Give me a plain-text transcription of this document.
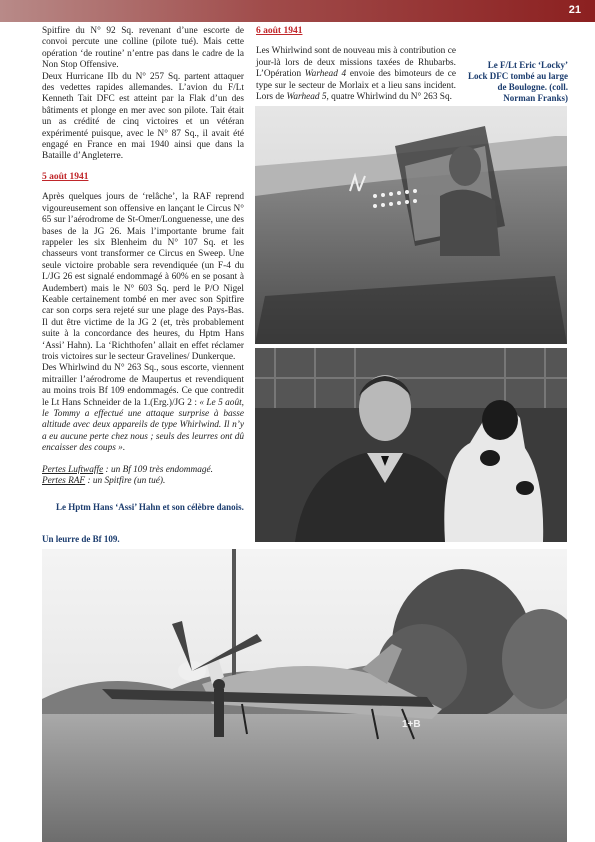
21

Spitfire du N° 92 Sq. revenant d’une escorte de convoi percute une colline (pilote tué). Mais cette opération ‘de routine’ n’entre pas dans le cadre de la Non Stop Offensive.

Deux Hurricane IIb du N° 257 Sq. partent attaquer des vedettes rapides allemandes. L’avion du F/Lt Kenneth Tait DFC est atteint par la Flak d’un des bâtiments et plonge en mer avec son pilote. Tait était un as crédité de cinq victoires et un vétéran expérimenté puisque, avec le N° 87 Sq., il avait été engagé en France en mai 1940 ainsi que dans la Bataille d’Angleterre.

5 août 1941

Après quelques jours de ‘relâche’, la RAF reprend vigoureusement son offensive en lançant le Circus N° 65 sur l’aérodrome de St-Omer/Longuenesse, une des bases de la JG 26. Mais l’importante brume fait rappeler les six Blenheim du N° 107 Sq. et les chasseurs vont transformer ce Circus en Sweep. Une seule victoire probable sera revendiquée (un F-4 du I./JG 26 est signalé endommagé à 60% en se posant à Audembert) mais le N° 603 Sq. perd le P/O Nigel Keable certainement tombé en mer avec son Spitfire car son corps sera rejeté sur une plage des Pays-Bas. Il dut être victime de la JG 2 (et, très probablement suite à la concordance des heures, du Hptm Hans ‘Assi’ Hahn). La ‘Richthofen’ allait en effet réclamer trois victoires sur le secteur Gravelines/ Dunkerque.

Des Whirlwind du N° 263 Sq., sous escorte, viennent mitrailler l’aérodrome de Maupertus et revendiquent au moins trois Bf 109 endommagés. Ce que contredit le Lt Hans Schneider de la 1.(Erg.)/JG 2 : « Le 5 août, le Tommy a effectué une attaque surprise à basse altitude avec deux appareils de type Whirlwind. Il n’y a eu aucune perte chez nous ; seuls des leurres ont dû encaisser des coups ».

Pertes Luftwaffe : un Bf 109 très endommagé.

Pertes RAF : un Spitfire (un tué).

6 août 1941

Les Whirlwind sont de nouveau mis à contribution ce jour-là lors de deux missions taxées de Rhubarbs. L’Opération Warhead 4 envoie des bimoteurs de ce type sur le secteur de Morlaix et a lieu sans incident. Lors de Warhead 5, quatre Whirlwind du N° 263 Sq.

Le F/Lt Eric ‘Locky’ Lock DFC tombé au large de Boulogne. (coll. Norman Franks)
Le Hptm Hans ‘Assi’ Hahn et son célèbre danois.
Un leurre de Bf 109.
1+B
